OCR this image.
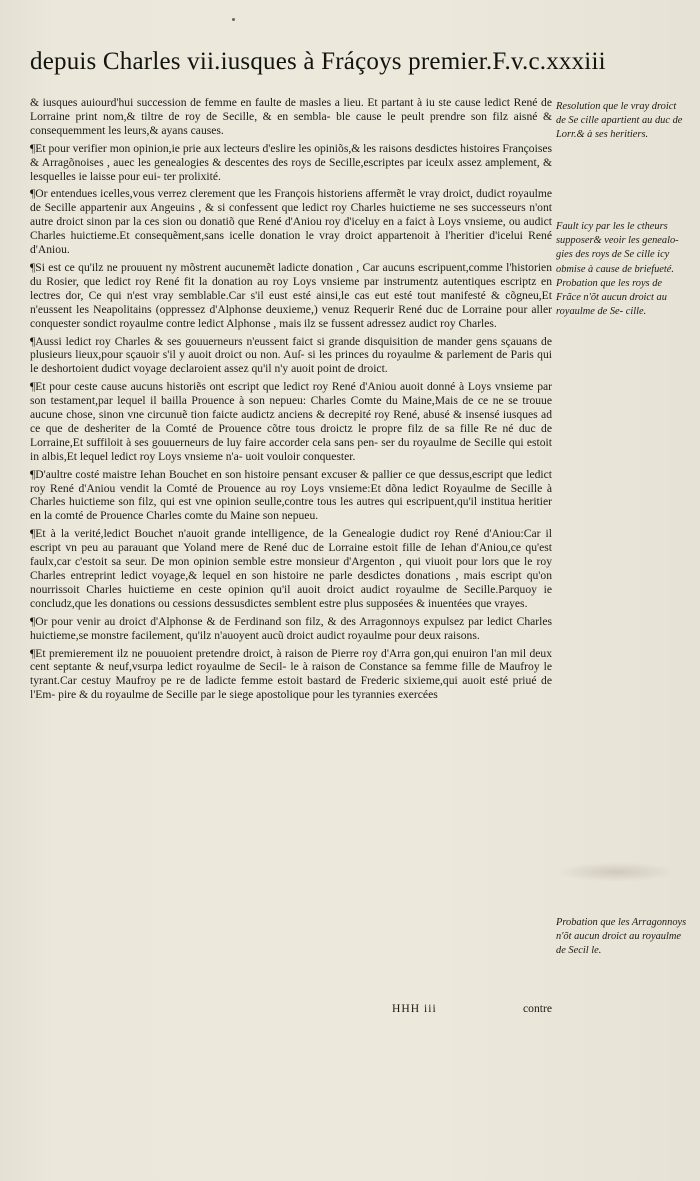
depuis Charles vii.iusques à Fráçoys premier.F.v.c.xxxiii

& iusques auiourd'hui succession de femme en faulte de masles a lieu. Et partant à iu ste cause ledict René de Lorraine print nom,& tiltre de roy de Secille, & en sembla- ble cause le peult prendre son filz aisné & consequemment les leurs,& ayans causes.

¶Et pour verifier mon opinion,ie prie aux lecteurs d'eslire les opiniõs,& les raisons desdictes histoires Françoises & Arragõnoises , auec les genealogies & descentes des roys de Secille,escriptes par iceulx assez amplement, & lesquelles ie laisse pour eui- ter prolixité.

¶Or entendues icelles,vous verrez clerement que les François historiens affermẽt le vray droict, dudict royaulme de Secille appartenir aux Angeuins , & si confessent que ledict roy Charles huictieme ne ses successeurs n'ont autre droict sinon par la ces sion ou donatiõ que René d'Aniou roy d'iceluy en a faict à Loys vnsieme, ou audict Charles huictieme.Et consequẽment,sans icelle donation le vray droict appartenoit à l'heritier d'icelui René d'Aniou.

¶Si est ce qu'ilz ne prouuent ny mõstrent aucunemẽt ladicte donation , Car aucuns escripuent,comme l'historien du Rosier, que ledict roy René fit la donation au roy Loys vnsieme par instrumentz autentiques escriptz en lectres dor, Ce qui n'est vray semblable.Car s'il eust esté ainsi,le cas eut esté tout manifesté & cõgneu,Et n'eussent les Neapolitains (oppressez d'Alphonse deuxieme,) venuz Requerir René duc de Lorraine pour aller conquester sondict royaulme contre ledict Alphonse , mais ilz se fussent adressez audict roy Charles.

¶Aussi ledict roy Charles & ses gouuerneurs n'eussent faict si grande disquisition de mander gens sçauans de plusieurs lieux,pour sçauoir s'il y auoit droict ou non. Auſ- si les princes du royaulme & parlement de Paris qui le deshortoient dudict voyage declaroient assez qu'il n'y auoit point de droict.

¶Et pour ceste cause aucuns historiẽs ont escript que ledict roy René d'Aniou auoit donné à Loys vnsieme par son testament,par lequel il bailla Prouence à son nepueu: Charles Comte du Maine,Mais de ce ne se trouue aucune chose, sinon vne circunuẽ tion faicte audictz anciens & decrepité roy René, abusé & insensé iusques ad ce que de desheriter de la Comté de Prouence cõtre tous droictz le propre filz de sa fille Re né duc de Lorraine,Et suffiloit à ses gouuerneurs de luy faire accorder cela sans pen- ser du royaulme de Secille qui estoit in albis,Et lequel ledict roy Loys vnsieme n'a- uoit vouloir conquester.

¶D'aultre costé maistre Iehan Bouchet en son histoire pensant excuser & pallier ce que dessus,escript que ledict roy René d'Aniou vendit la Comté de Prouence au roy Loys vnsieme:Et dõna ledict Royaulme de Secille à Charles huictieme son filz, qui est vne opinion seulle,contre tous les autres qui escripuent,qu'il institua heritier en la comté de Prouence Charles comte du Maine son nepueu.

¶Et à la verité,ledict Bouchet n'auoit grande intelligence, de la Genealogie dudict roy René d'Aniou:Car il escript vn peu au parauant que Yoland mere de René duc de Lorraine estoit fille de Iehan d'Aniou,ce qu'est faulx,car c'estoit sa seur. De mon opinion semble estre monsieur d'Argenton , qui viuoit pour lors que le roy Charles entreprint ledict voyage,& lequel en son histoire ne parle desdictes donations , mais escript qu'on nourrissoit Charles huictieme en ceste opinion qu'il auoit droict audict royaulme de Secille.Parquoy ie concludz,que les donations ou cessions dessusdictes semblent estre plus supposées & inuentées que vrayes.

¶Or pour venir au droict d'Alphonse & de Ferdinand son filz, & des Arragonnoys expulsez par ledict Charles huictieme,se monstre facilement, qu'ilz n'auoyent aucũ droict audict royaulme pour deux raisons.

¶Et premierement ilz ne pouuoient pretendre droict, à raison de Pierre roy d'Arra gon,qui enuiron l'an mil deux cent septante & neuf,vsurpa ledict royaulme de Secil- le à raison de Constance sa femme fille de Maufroy le tyrant.Car cestuy Maufroy pe re de ladicte femme estoit bastard de Frederic sixieme,qui auoit esté priué de l'Em- pire & du royaulme de Secille par le siege apostolique pour les tyrannies exercées

Resolution que le vray droict de Se cille apartient au duc de Lorr.& à ses heritiers.
Fault icy par les le ctheurs supposer& veoir les genealo- gies des roys de Se cille icy obmise à cause de briefueté. Probation que les roys de Frãce n'õt aucun droict au royaulme de Se- cille.
Probation que les Arragonnoys n'õt aucun droict au royaulme de Secil le.
HHH iii	contre
